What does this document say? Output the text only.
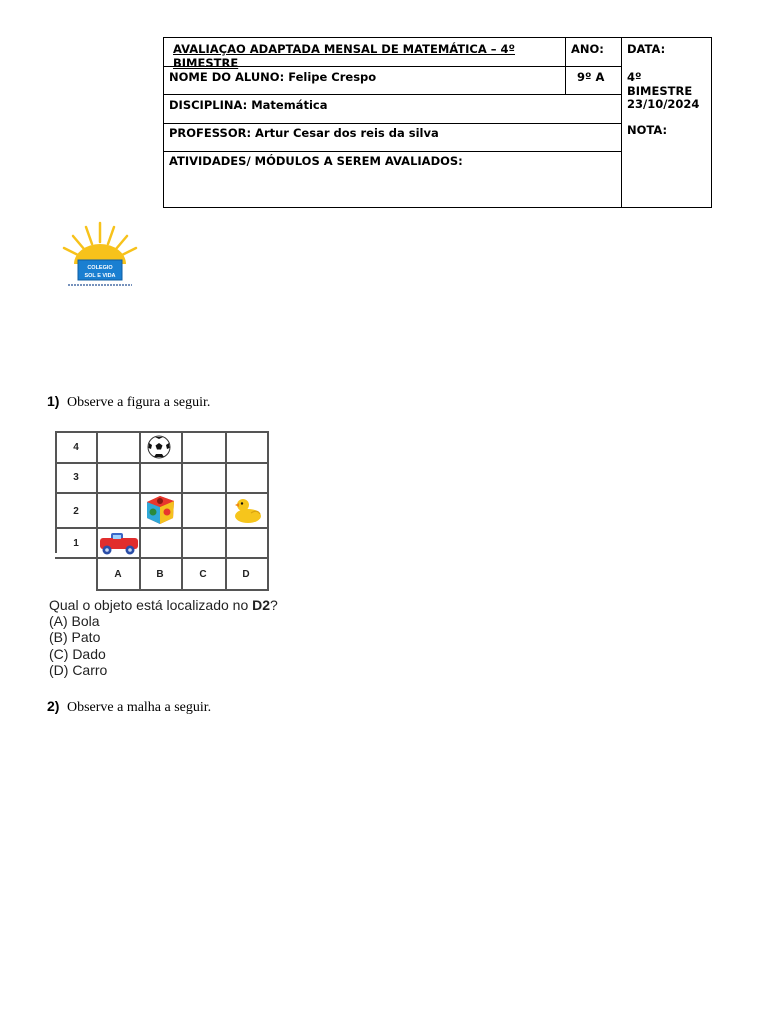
AVALIAÇAO ADAPTADA MENSAL DE MATEMÁTICA – 4º BIMESTRE
ANO:	DATA:
NOME DO ALUNO: Felipe Crespo	9º A	4º BIMESTRE
DISCIPLINA: Matemática	23/10/2024
PROFESSOR: Artur Cesar dos reis da silva	NOTA:
ATIVIDADES/ MÓDULOS A SEREM AVALIADOS:
COLEGIO
SOL E VIDA
1) Observe a figura a seguir.
4
3
2
1
A	B	C	D
Qual o objeto está localizado no D2?
(A) Bola
(B) Pato
(C) Dado
(D) Carro
2) Observe a malha a seguir.
